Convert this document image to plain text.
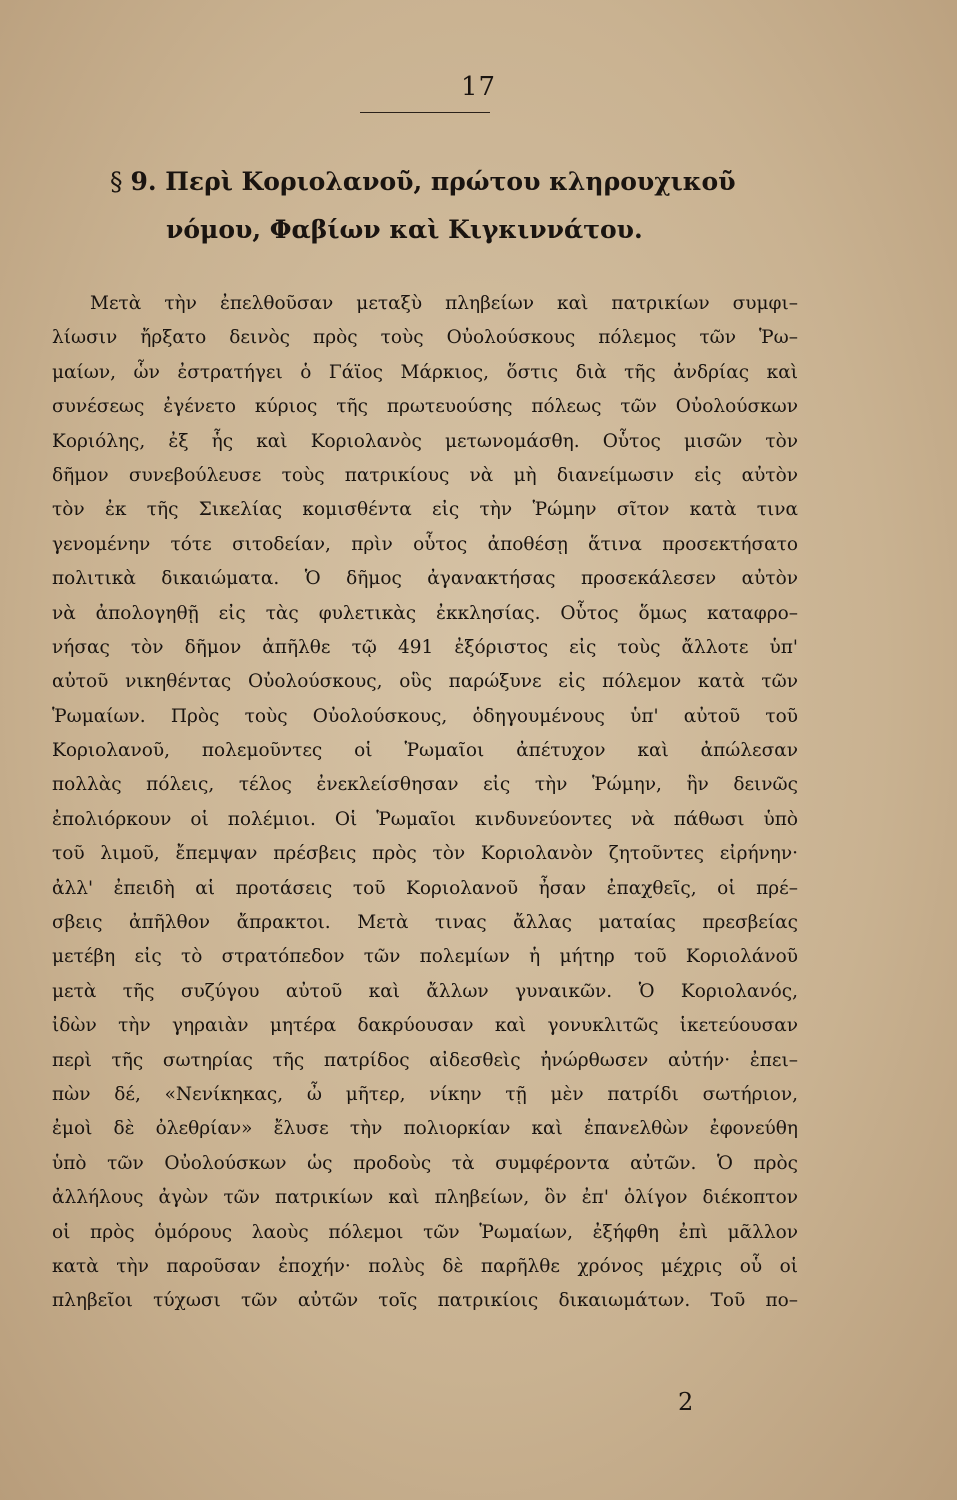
17
§ 9. Περὶ Κοριολανοῦ, πρώτου κληρουχικοῦ
νόμου, Φαβίων καὶ Κιγκιννάτου.
Μετὰ τὴν ἐπελθοῦσαν μεταξὺ πληβείων καὶ πατρικίων συμφι–
λίωσιν ἤρξατο δεινὸς πρὸς τοὺς Οὐολούσκους πόλεμος τῶν Ῥω–
μαίων, ὧν ἐστρατήγει ὁ Γάϊος Μάρκιος, ὅστις διὰ τῆς ἀνδρίας καὶ
συνέσεως ἐγένετο κύριος τῆς πρωτευούσης πόλεως τῶν Οὐολούσκων
Κοριόλης, ἐξ ἧς καὶ Κοριολανὸς μετωνομάσθη. Οὗτος μισῶν τὸν
δῆμον συνεβούλευσε τοὺς πατρικίους νὰ μὴ διανείμωσιν εἰς αὐτὸν
τὸν ἐκ τῆς Σικελίας κομισθέντα εἰς τὴν Ῥώμην σῖτον κατὰ τινα
γενομένην τότε σιτοδείαν, πρὶν οὗτος ἀποθέσῃ ἅτινα προσεκτήσατο
πολιτικὰ δικαιώματα. Ὁ δῆμος ἀγανακτήσας προσεκάλεσεν αὐτὸν
νὰ ἀπολογηθῇ εἰς τὰς φυλετικὰς ἐκκλησίας. Οὗτος ὅμως καταφρο–
νήσας τὸν δῆμον ἀπῆλθε τῷ 491 ἐξόριστος εἰς τοὺς ἄλλοτε ὑπ'
αὐτοῦ νικηθέντας Οὐολούσκους, οὓς παρώξυνε εἰς πόλεμον κατὰ τῶν
Ῥωμαίων. Πρὸς τοὺς Οὐολούσκους, ὁδηγουμένους ὑπ' αὐτοῦ τοῦ
Κοριολανοῦ, πολεμοῦντες οἱ Ῥωμαῖοι ἀπέτυχον καὶ ἀπώλεσαν
πολλὰς πόλεις, τέλος ἐνεκλείσθησαν εἰς τὴν Ῥώμην, ἣν δεινῶς
ἐπολιόρκουν οἱ πολέμιοι. Οἱ Ῥωμαῖοι κινδυνεύοντες νὰ πάθωσι ὑπὸ
τοῦ λιμοῦ, ἔπεμψαν πρέσβεις πρὸς τὸν Κοριολανὸν ζητοῦντες εἰρήνην·
ἀλλ' ἐπειδὴ αἱ προτάσεις τοῦ Κοριολανοῦ ἦσαν ἐπαχθεῖς, οἱ πρέ–
σβεις ἀπῆλθον ἄπρακτοι. Μετὰ τινας ἄλλας ματαίας πρεσβείας
μετέβη εἰς τὸ στρατόπεδον τῶν πολεμίων ἡ μήτηρ τοῦ Κοριολάνοῦ
μετὰ τῆς συζύγου αὐτοῦ καὶ ἄλλων γυναικῶν. Ὁ Κοριολανός,
ἰδὼν τὴν γηραιὰν μητέρα δακρύουσαν καὶ γονυκλιτῶς ἱκετεύουσαν
περὶ τῆς σωτηρίας τῆς πατρίδος αἰδεσθεὶς ἠνώρθωσεν αὐτήν· ἐπει–
πὼν δέ, «Νενίκηκας, ὦ μῆτερ, νίκην τῇ μὲν πατρίδι σωτήριον,
ἐμοὶ δὲ ὀλεθρίαν» ἔλυσε τὴν πολιορκίαν καὶ ἐπανελθὼν ἐφονεύθη
ὑπὸ τῶν Οὐολούσκων ὡς προδοὺς τὰ συμφέροντα αὐτῶν. Ὁ πρὸς
ἀλλήλους ἀγὼν τῶν πατρικίων καὶ πληβείων, ὃν ἐπ' ὀλίγον διέκοπτον
οἱ πρὸς ὁμόρους λαοὺς πόλεμοι τῶν Ῥωμαίων, ἐξήφθη ἐπὶ μᾶλλον
κατὰ τὴν παροῦσαν ἐποχήν· πολὺς δὲ παρῆλθε χρόνος μέχρις οὗ οἱ
πληβεῖοι τύχωσι τῶν αὐτῶν τοῖς πατρικίοις δικαιωμάτων. Τοῦ πο–
2
